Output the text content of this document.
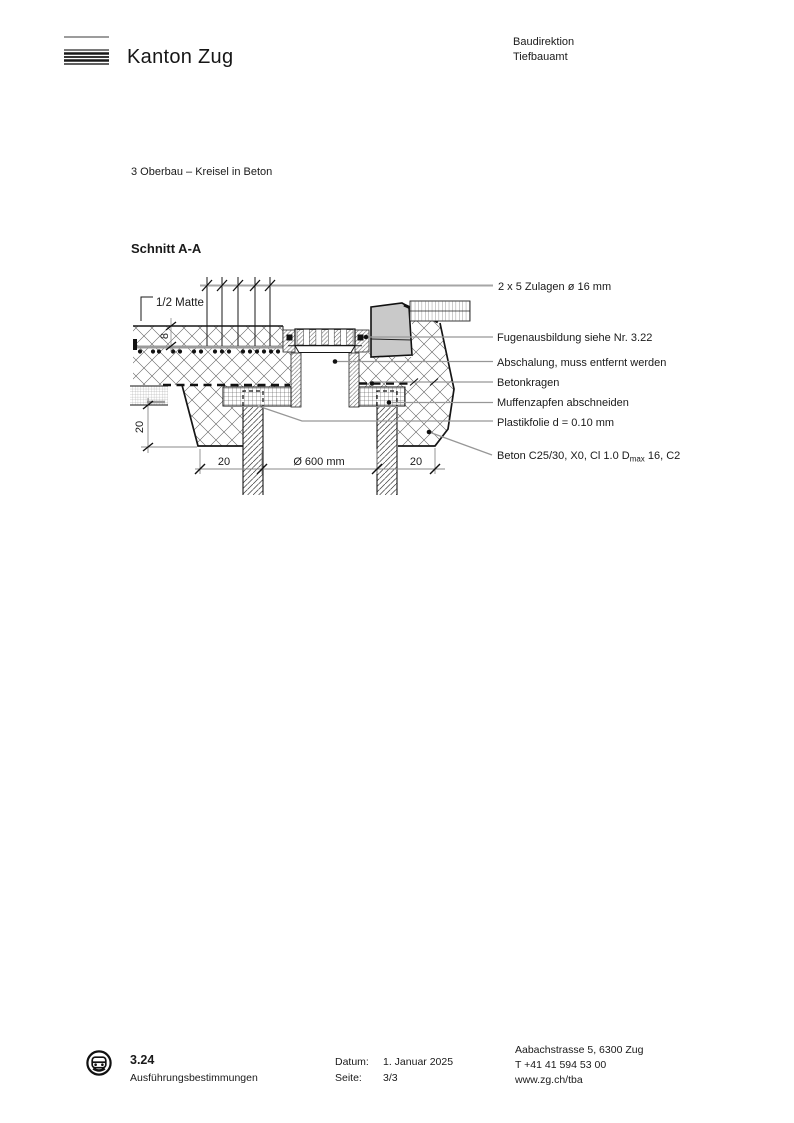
Kanton Zug
Baudirektion
Tiefbauamt
3 Oberbau – Kreisel in Beton
Schnitt A-A
2 x 5 Zulagen ø 16 mm
1/2 Matte
Fugenausbildung siehe Nr. 3.22
Abschalung, muss entfernt werden
Betonkragen
Muffenzapfen abschneiden
Plastikfolie d = 0.10 mm
Beton C25/30, X0, Cl 1.0 $D_{max}$ 16, C2
8
20
20	Ø 600 mm	20
3.24
Ausführungsbestimmungen
Datum: 1. Januar 2025
Seite: 3/3
Aabachstrasse 5, 6300 Zug
T +41 41 594 53 00
www.zg.ch/tba
